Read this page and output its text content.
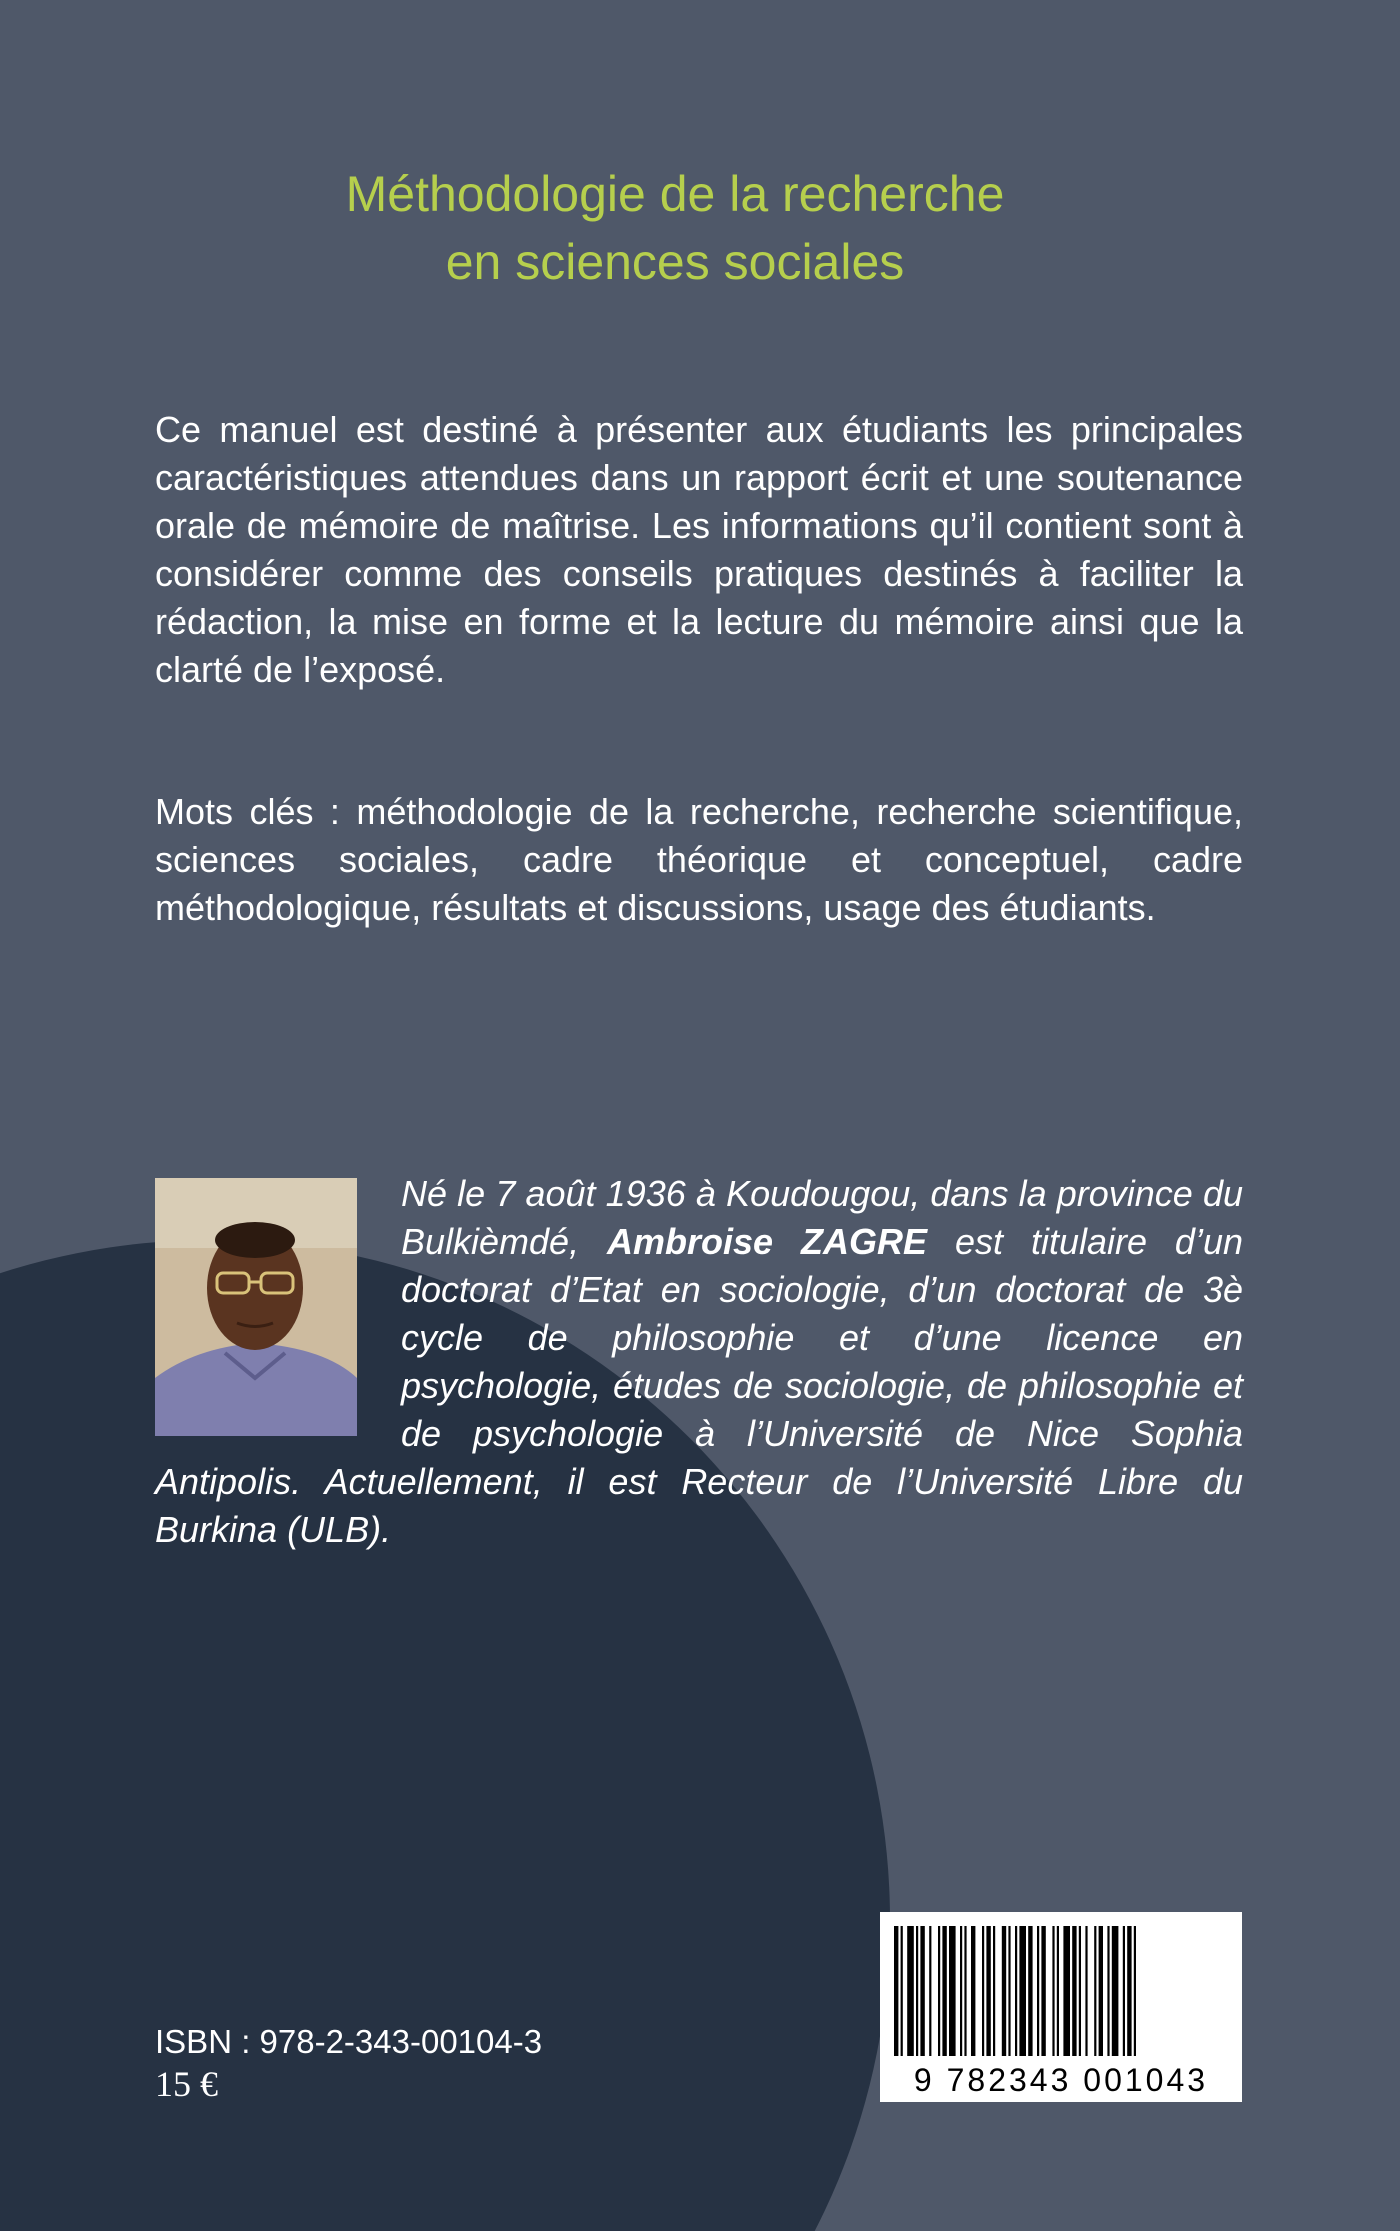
Méthodologie de la recherche
en sciences sociales

Ce manuel est destiné à présenter aux étudiants les principales caractéristiques attendues dans un rapport écrit et une soutenance orale de mémoire de maîtrise. Les informations qu’il contient sont à considérer comme des conseils pratiques destinés à faciliter la rédaction, la mise en forme et la lecture du mémoire ainsi que la clarté de l’exposé.

Mots clés : méthodologie de la recherche, recherche scientifique, sciences sociales, cadre théorique et conceptuel, cadre méthodologique, résultats et discussions, usage des étudiants.

Né le 7 août 1936 à Koudougou, dans la province du Bulkièmdé, Ambroise ZAGRE est titulaire d’un doctorat d’Etat en sociologie, d’un doctorat de 3è cycle de philosophie et d’une licence en psychologie, études de sociologie, de philosophie et de psychologie à l’Université de Nice Sophia Antipolis. Actuellement, il est Recteur de l’Université Libre du Burkina (ULB).
ISBN : 978-2-343-00104-3
15 €	9 782343 001043
